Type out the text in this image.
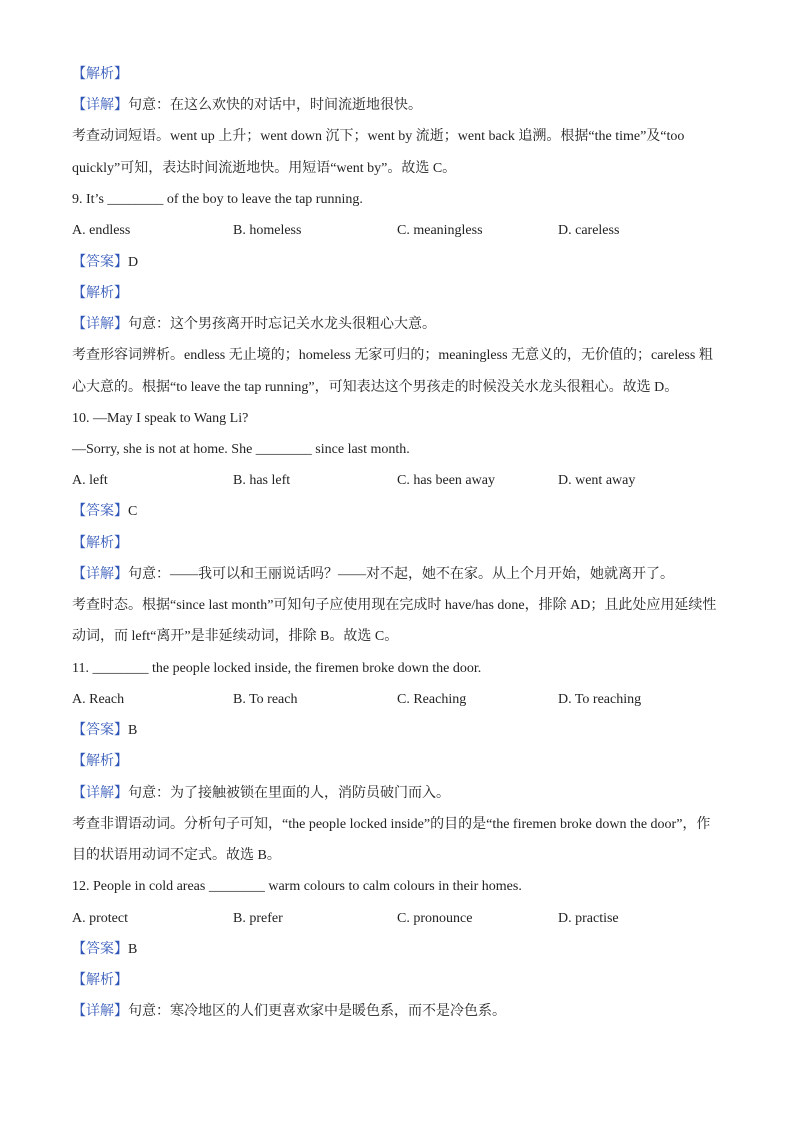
【解析】
【详解】句意：在这么欢快的对话中，时间流逝地很快。
考查动词短语。went up 上升；went down 沉下；went by 流逝；went back 追溯。根据“the time”及“too
quickly”可知，表达时间流逝地快。用短语“went by”。故选 C。
9. It’s ________ of the boy to leave the tap running.
A. endless	B. homeless	C. meaningless	D. careless
【答案】D
【解析】
【详解】句意：这个男孩离开时忘记关水龙头很粗心大意。
考查形容词辨析。endless 无止境的；homeless 无家可归的；meaningless 无意义的，无价值的；careless 粗
心大意的。根据“to leave the tap running”，可知表达这个男孩走的时候没关水龙头很粗心。故选 D。
10. —May I speak to Wang Li?
—Sorry, she is not at home. She ________ since last month.
A. left	B. has left	C. has been away	D. went away
【答案】C
【解析】
【详解】句意：——我可以和王丽说话吗？——对不起，她不在家。从上个月开始，她就离开了。
考查时态。根据“since last month”可知句子应使用现在完成时 have/has done，排除 AD；且此处应用延续性
动词，而 left“离开”是非延续动词，排除 B。故选 C。
11. ________ the people locked inside, the firemen broke down the door.
A. Reach	B. To reach	C. Reaching	D. To reaching
【答案】B
【解析】
【详解】句意：为了接触被锁在里面的人，消防员破门而入。
考查非谓语动词。分析句子可知，“the people locked inside”的目的是“the firemen broke down the door”，作
目的状语用动词不定式。故选 B。
12. People in cold areas ________ warm colours to calm colours in their homes.
A. protect	B. prefer	C. pronounce	D. practise
【答案】B
【解析】
【详解】句意：寒冷地区的人们更喜欢家中是暖色系，而不是冷色系。
